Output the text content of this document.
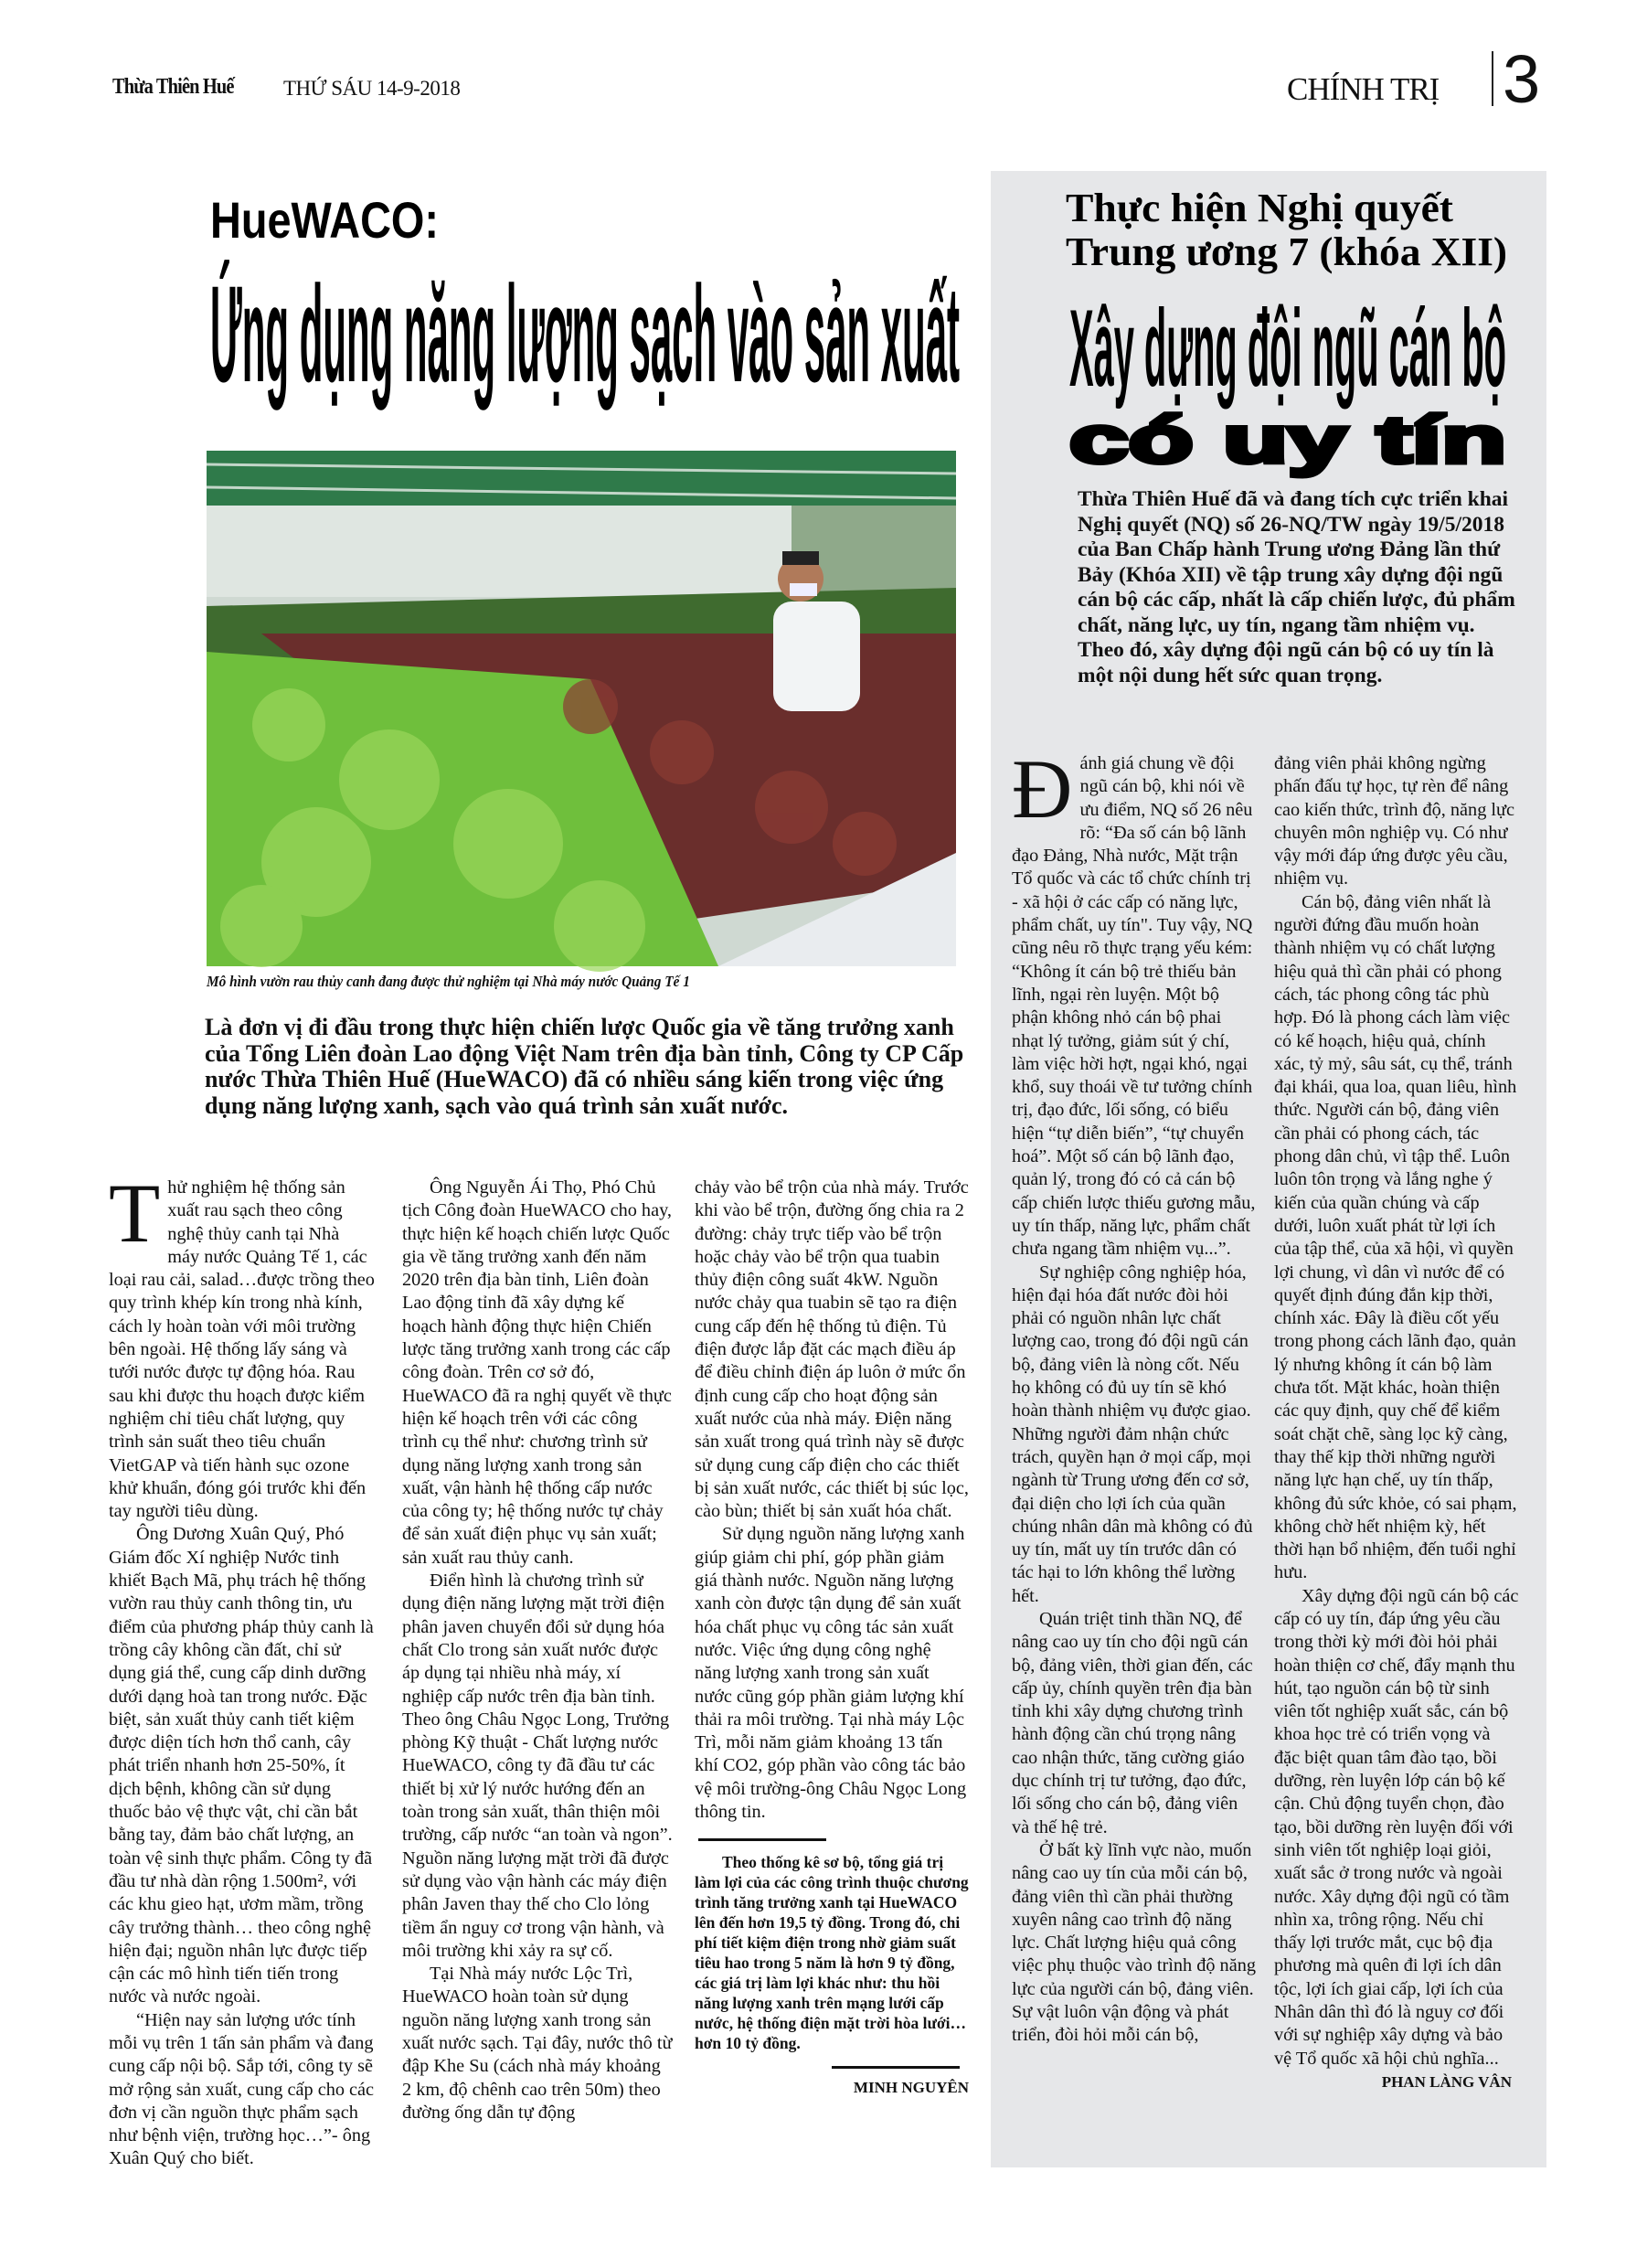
Thừa Thiên Huế THỨ SÁU 14-9-2018	CHÍNH TRỊ 3
HueWACO:
Ứng dụng năng lượng sạch vào sản xuất
Mô hình vườn rau thủy canh đang được thử nghiệm tại Nhà máy nước Quảng Tế 1
Là đơn vị đi đầu trong thực hiện chiến lược Quốc gia về tăng trưởng xanh của Tổng Liên đoàn Lao động Việt Nam trên địa bàn tỉnh, Công ty CP Cấp nước Thừa Thiên Huế (HueWACO) đã có nhiều sáng kiến trong việc ứng dụng năng lượng xanh, sạch vào quá trình sản xuất nước.

Thử nghiệm hệ thống sản xuất rau sạch theo công nghệ thủy canh tại Nhà máy nước Quảng Tế 1, các loại rau cải, salad…được trồng theo quy trình khép kín trong nhà kính, cách ly hoàn toàn với môi trường bên ngoài. Hệ thống lấy sáng và tưới nước được tự động hóa. Rau sau khi được thu hoạch được kiểm nghiệm chỉ tiêu chất lượng, quy trình sản suất theo tiêu chuẩn VietGAP và tiến hành sục ozone khử khuẩn, đóng gói trước khi đến tay người tiêu dùng.

Ông Dương Xuân Quý, Phó Giám đốc Xí nghiệp Nước tinh khiết Bạch Mã, phụ trách hệ thống vườn rau thủy canh thông tin, ưu điểm của phương pháp thủy canh là trồng cây không cần đất, chỉ sử dụng giá thể, cung cấp dinh dưỡng dưới dạng hoà tan trong nước. Đặc biệt, sản xuất thủy canh tiết kiệm được diện tích hơn thổ canh, cây phát triển nhanh hơn 25-50%, ít dịch bệnh, không cần sử dụng thuốc bảo vệ thực vật, chỉ cần bắt bằng tay, đảm bảo chất lượng, an toàn vệ sinh thực phẩm. Công ty đã đầu tư nhà dàn rộng 1.500m², với các khu gieo hạt, ươm mầm, trồng cây trưởng thành… theo công nghệ hiện đại; nguồn nhân lực được tiếp cận các mô hình tiến tiến trong nước và nước ngoài.

“Hiện nay sản lượng ước tính mỗi vụ trên 1 tấn sản phẩm và đang cung cấp nội bộ. Sắp tới, công ty sẽ mở rộng sản xuất, cung cấp cho các đơn vị cần nguồn thực phẩm sạch như bệnh viện, trường học…”- ông Xuân Quý cho biết.

Ông Nguyễn Ái Thọ, Phó Chủ tịch Công đoàn HueWACO cho hay, thực hiện kế hoạch chiến lược Quốc gia về tăng trưởng xanh đến năm 2020 trên địa bàn tỉnh, Liên đoàn Lao động tỉnh đã xây dựng kế hoạch hành động thực hiện Chiến lược tăng trưởng xanh trong các cấp công đoàn. Trên cơ sở đó, HueWACO đã ra nghị quyết về thực hiện kế hoạch trên với các công trình cụ thể như: chương trình sử dụng năng lượng xanh trong sản xuất, vận hành hệ thống cấp nước của công ty; hệ thống nước tự chảy để sản xuất điện phục vụ sản xuất; sản xuất rau thủy canh.

Điển hình là chương trình sử dụng điện năng lượng mặt trời điện phân javen chuyển đổi sử dụng hóa chất Clo trong sản xuất nước được áp dụng tại nhiều nhà máy, xí nghiệp cấp nước trên địa bàn tỉnh. Theo ông Châu Ngọc Long, Trưởng phòng Kỹ thuật - Chất lượng nước HueWACO, công ty đã đầu tư các thiết bị xử lý nước hướng đến an toàn trong sản xuất, thân thiện môi trường, cấp nước “an toàn và ngon”. Nguồn năng lượng mặt trời đã được sử dụng vào vận hành các máy điện phân Javen thay thế cho Clo lỏng tiềm ẩn nguy cơ trong vận hành, và môi trường khi xảy ra sự cố.

Tại Nhà máy nước Lộc Trì, HueWACO hoàn toàn sử dụng nguồn năng lượng xanh trong sản xuất nước sạch. Tại đây, nước thô từ đập Khe Su (cách nhà máy khoảng 2 km, độ chênh cao trên 50m) theo đường ống dẫn tự động

chảy vào bể trộn của nhà máy. Trước khi vào bể trộn, đường ống chia ra 2 đường: chảy trực tiếp vào bể trộn hoặc chảy vào bể trộn qua tuabin thủy điện công suất 4kW. Nguồn nước chảy qua tuabin sẽ tạo ra điện cung cấp đến hệ thống tủ điện. Tủ điện được lắp đặt các mạch điều áp để điều chỉnh điện áp luôn ở mức ổn định cung cấp cho hoạt động sản xuất nước của nhà máy. Điện năng sản xuất trong quá trình này sẽ được sử dụng cung cấp điện cho các thiết bị sản xuất nước, các thiết bị súc lọc, cào bùn; thiết bị sản xuất hóa chất.

Sử dụng nguồn năng lượng xanh giúp giảm chi phí, góp phần giảm giá thành nước. Nguồn năng lượng xanh còn được tận dụng để sản xuất hóa chất phục vụ công tác sản xuất nước. Việc ứng dụng công nghệ năng lượng xanh trong sản xuất nước cũng góp phần giảm lượng khí thải ra môi trường. Tại nhà máy Lộc Trì, mỗi năm giảm khoảng 13 tấn khí CO2, góp phần vào công tác bảo vệ môi trường-ông Châu Ngọc Long thông tin.

Theo thống kê sơ bộ, tổng giá trị làm lợi của các công trình thuộc chương trình tăng trưởng xanh tại HueWACO lên đến hơn 19,5 tỷ đồng. Trong đó, chi phí tiết kiệm điện trong nhờ giảm suất tiêu hao trong 5 năm là hơn 9 tỷ đồng, các giá trị làm lợi khác như: thu hồi năng lượng xanh trên mạng lưới cấp nước, hệ thống điện mặt trời hòa lưới… hơn 10 tỷ đồng.

MINH NGUYÊN
Thực hiện Nghị quyết
Trung ương 7 (khóa XII)
Xây dựng đội ngũ cán bộ
có uy tín
Thừa Thiên Huế đã và đang tích cực triển khai Nghị quyết (NQ) số 26-NQ/TW ngày 19/5/2018 của Ban Chấp hành Trung ương Đảng lần thứ Bảy (Khóa XII) về tập trung xây dựng đội ngũ cán bộ các cấp, nhất là cấp chiến lược, đủ phẩm chất, năng lực, uy tín, ngang tầm nhiệm vụ. Theo đó, xây dựng đội ngũ cán bộ có uy tín là một nội dung hết sức quan trọng.

Đánh giá chung về đội ngũ cán bộ, khi nói về ưu điểm, NQ số 26 nêu rõ: “Đa số cán bộ lãnh đạo Đảng, Nhà nước, Mặt trận Tổ quốc và các tổ chức chính trị - xã hội ở các cấp có năng lực, phẩm chất, uy tín". Tuy vậy, NQ cũng nêu rõ thực trạng yếu kém: “Không ít cán bộ trẻ thiếu bản lĩnh, ngại rèn luyện. Một bộ phận không nhỏ cán bộ phai nhạt lý tưởng, giảm sút ý chí, làm việc hời hợt, ngại khó, ngại khổ, suy thoái về tư tưởng chính trị, đạo đức, lối sống, có biểu hiện “tự diễn biến”, “tự chuyển hoá”. Một số cán bộ lãnh đạo, quản lý, trong đó có cả cán bộ cấp chiến lược thiếu gương mẫu, uy tín thấp, năng lực, phẩm chất chưa ngang tầm nhiệm vụ...”.

Sự nghiệp công nghiệp hóa, hiện đại hóa đất nước đòi hỏi phải có nguồn nhân lực chất lượng cao, trong đó đội ngũ cán bộ, đảng viên là nòng cốt. Nếu họ không có đủ uy tín sẽ khó hoàn thành nhiệm vụ được giao. Những người đảm nhận chức trách, quyền hạn ở mọi cấp, mọi ngành từ Trung ương đến cơ sở, đại diện cho lợi ích của quần chúng nhân dân mà không có đủ uy tín, mất uy tín trước dân có tác hại to lớn không thể lường hết.

Quán triệt tinh thần NQ, để nâng cao uy tín cho đội ngũ cán bộ, đảng viên, thời gian đến, các cấp ủy, chính quyền trên địa bàn tỉnh khi xây dựng chương trình hành động cần chú trọng nâng cao nhận thức, tăng cường giáo dục chính trị tư tưởng, đạo đức, lối sống cho cán bộ, đảng viên và thế hệ trẻ.

Ở bất kỳ lĩnh vực nào, muốn nâng cao uy tín của mỗi cán bộ, đảng viên thì cần phải thường xuyên nâng cao trình độ năng lực. Chất lượng hiệu quả công việc phụ thuộc vào trình độ năng lực của người cán bộ, đảng viên. Sự vật luôn vận động và phát triển, đòi hỏi mỗi cán bộ,

đảng viên phải không ngừng phấn đấu tự học, tự rèn để nâng cao kiến thức, trình độ, năng lực chuyên môn nghiệp vụ. Có như vậy mới đáp ứng được yêu cầu, nhiệm vụ.

Cán bộ, đảng viên nhất là người đứng đầu muốn hoàn thành nhiệm vụ có chất lượng hiệu quả thì cần phải có phong cách, tác phong công tác phù hợp. Đó là phong cách làm việc có kế hoạch, hiệu quả, chính xác, tỷ mỷ, sâu sát, cụ thể, tránh đại khái, qua loa, quan liêu, hình thức. Người cán bộ, đảng viên cần phải có phong cách, tác phong dân chủ, vì tập thể. Luôn luôn tôn trọng và lắng nghe ý kiến của quần chúng và cấp dưới, luôn xuất phát từ lợi ích của tập thể, của xã hội, vì quyền lợi chung, vì dân vì nước để có quyết định đúng đắn kịp thời, chính xác. Đây là điều cốt yếu trong phong cách lãnh đạo, quản lý nhưng không ít cán bộ làm chưa tốt. Mặt khác, hoàn thiện các quy định, quy chế để kiểm soát chặt chẽ, sàng lọc kỹ càng, thay thế kịp thời những người năng lực hạn chế, uy tín thấp, không đủ sức khỏe, có sai phạm, không chờ hết nhiệm kỳ, hết thời hạn bổ nhiệm, đến tuổi nghỉ hưu.

Xây dựng đội ngũ cán bộ các cấp có uy tín, đáp ứng yêu cầu trong thời kỳ mới đòi hỏi phải hoàn thiện cơ chế, đẩy mạnh thu hút, tạo nguồn cán bộ từ sinh viên tốt nghiệp xuất sắc, cán bộ khoa học trẻ có triển vọng và đặc biệt quan tâm đào tạo, bồi dưỡng, rèn luyện lớp cán bộ kế cận. Chủ động tuyển chọn, đào tạo, bồi dưỡng rèn luyện đối với sinh viên tốt nghiệp loại giỏi, xuất sắc ở trong nước và ngoài nước. Xây dựng đội ngũ có tầm nhìn xa, trông rộng. Nếu chỉ thấy lợi trước mắt, cục bộ địa phương mà quên đi lợi ích dân tộc, lợi ích giai cấp, lợi ích của Nhân dân thì đó là nguy cơ đối với sự nghiệp xây dựng và bảo vệ Tổ quốc xã hội chủ nghĩa...

PHAN LÀNG VÂN
